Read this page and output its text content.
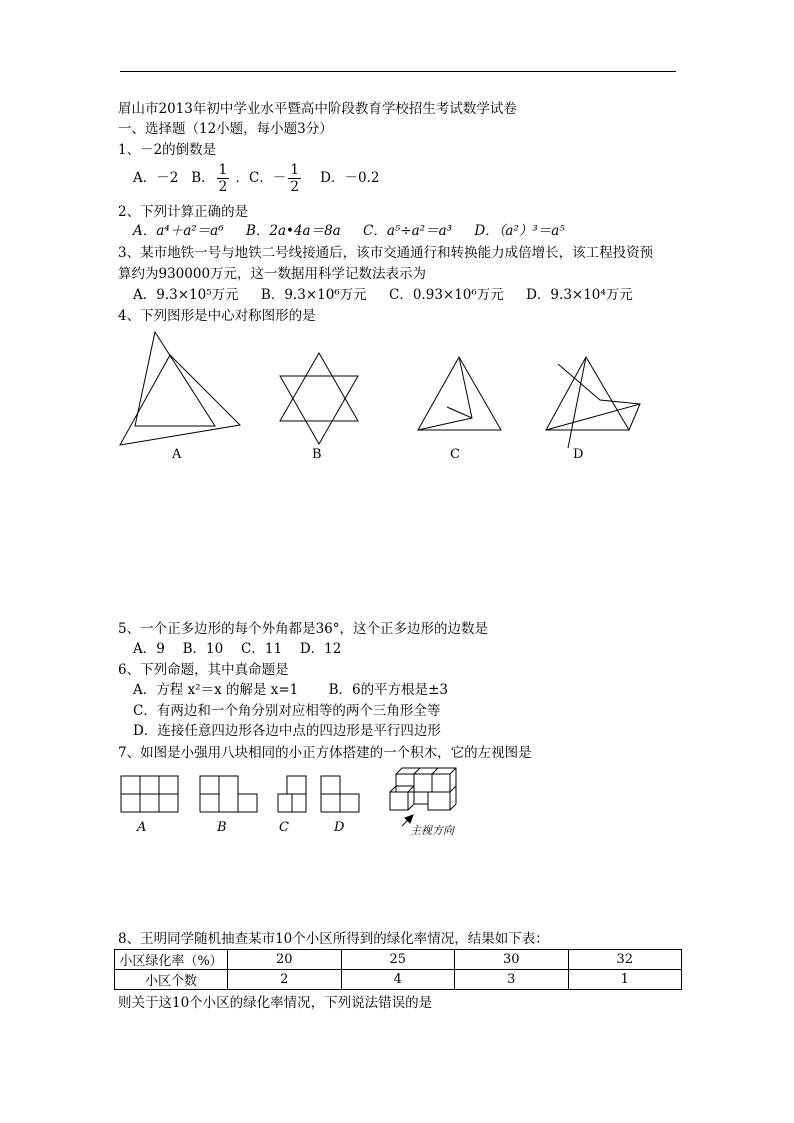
眉山市2013年初中学业水平暨高中阶段教育学校招生考试数学试卷
一、选择题（12小题，每小题3分）
1、－2的倒数是
A．－2 B． $\frac{1}{2}$ ．C．－ $\frac{1}{2}$ D．－0.2
2、下列计算正确的是
A．a⁴＋a²＝a⁶ B．2a•4a＝8a C．a⁵÷a²＝a³ D．（a²）³＝a⁵
3、某市地铁一号与地铁二号线接通后，该市交通通行和转换能力成倍增长，该工程投资预
算约为930000万元，这一数据用科学记数法表示为
A．9.3×10⁵万元 B．9.3×10⁶万元 C．0.93×10⁶万元 D．9.3×10⁴万元
4、下列图形是中心对称图形的是
A	B	C	D
5、一个正多边形的每个外角都是36°，这个正多边形的边数是
A．9　 B．10　 C．11　 D．12
6、下列命题，其中真命题是
A．方程 x²＝x 的解是 x=1 B．6的平方根是±3
C．有两边和一个角分别对应相等的两个三角形全等
D．连接任意四边形各边中点的四边形是平行四边形
7、如图是小强用八块相同的小正方体搭建的一个积木，它的左视图是
A	B	C	D	主视方向
8、王明同学随机抽查某市10个小区所得到的绿化率情况，结果如下表：
小区绿化率（%）	20	25	30	32
小区个数	2	4	3	1
则关于这10个小区的绿化率情况，下列说法错误的是
